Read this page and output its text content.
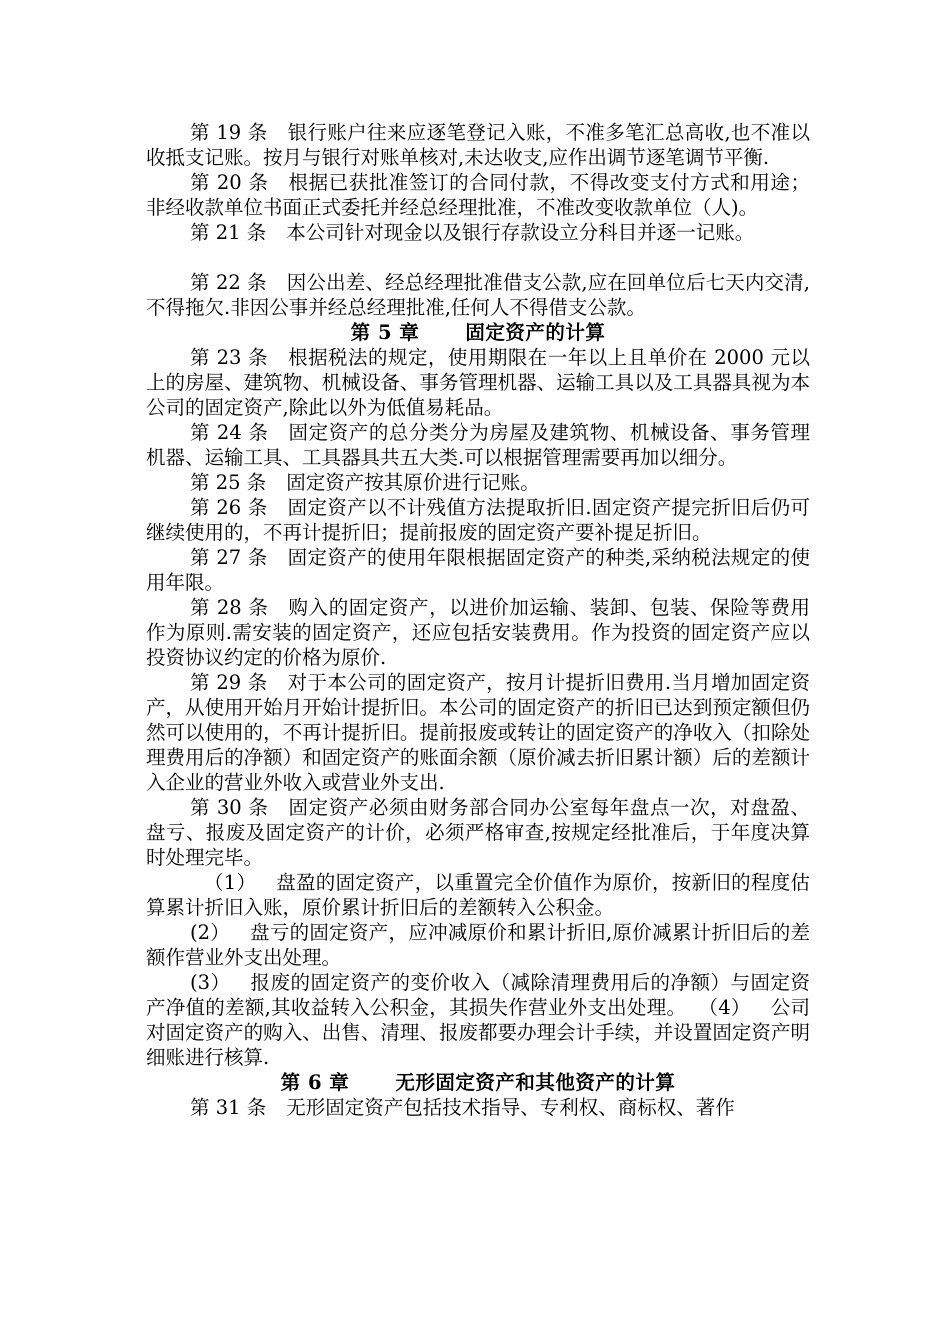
第 19 条 银行账户往来应逐笔登记入账，不准多笔汇总高收,也不准以收抵支记账。按月与银行对账单核对,未达收支,应作出调节逐笔调节平衡.

第 20 条 根据已获批准签订的合同付款，不得改变支付方式和用途；非经收款单位书面正式委托并经总经理批准，不准改变收款单位（人)。

第 21 条 本公司针对现金以及银行存款设立分科目并逐一记账。

第 22 条 因公出差、经总经理批准借支公款,应在回单位后七天内交清,不得拖欠.非因公事并经总经理批准,任何人不得借支公款。

第 5 章 固定资产的计算

第 23 条 根据税法的规定，使用期限在一年以上且单价在 2000 元以上的房屋、建筑物、机械设备、事务管理机器、运输工具以及工具器具视为本公司的固定资产,除此以外为低值易耗品。

第 24 条 固定资产的总分类分为房屋及建筑物、机械设备、事务管理机器、运输工具、工具器具共五大类.可以根据管理需要再加以细分。

第 25 条 固定资产按其原价进行记账。

第 26 条 固定资产以不计残值方法提取折旧.固定资产提完折旧后仍可继续使用的，不再计提折旧；提前报废的固定资产要补提足折旧。

第 27 条 固定资产的使用年限根据固定资产的种类,采纳税法规定的使用年限。

第 28 条 购入的固定资产，以进价加运输、装卸、包装、保险等费用作为原则.需安装的固定资产，还应包括安装费用。作为投资的固定资产应以投资协议约定的价格为原价.

第 29 条 对于本公司的固定资产，按月计提折旧费用.当月增加固定资产，从使用开始月开始计提折旧。本公司的固定资产的折旧已达到预定额但仍然可以使用的，不再计提折旧。提前报废或转让的固定资产的净收入（扣除处理费用后的净额）和固定资产的账面余额（原价减去折旧累计额）后的差额计入企业的营业外收入或营业外支出.

第 30 条 固定资产必须由财务部合同办公室每年盘点一次，对盘盈、盘亏、报废及固定资产的计价，必须严格审查,按规定经批准后，于年度决算时处理完毕。

（1） 盘盈的固定资产，以重置完全价值作为原价，按新旧的程度估算累计折旧入账，原价累计折旧后的差额转入公积金。

(2） 盘亏的固定资产，应冲减原价和累计折旧,原价减累计折旧后的差额作营业外支出处理。

(3） 报废的固定资产的变价收入（减除清理费用后的净额）与固定资产净值的差额,其收益转入公积金，其损失作营业外支出处理。 （4） 公司对固定资产的购入、出售、清理、报废都要办理会计手续，并设置固定资产明细账进行核算.

第 6 章 无形固定资产和其他资产的计算

第 31 条 无形固定资产包括技术指导、专利权、商标权、著作
